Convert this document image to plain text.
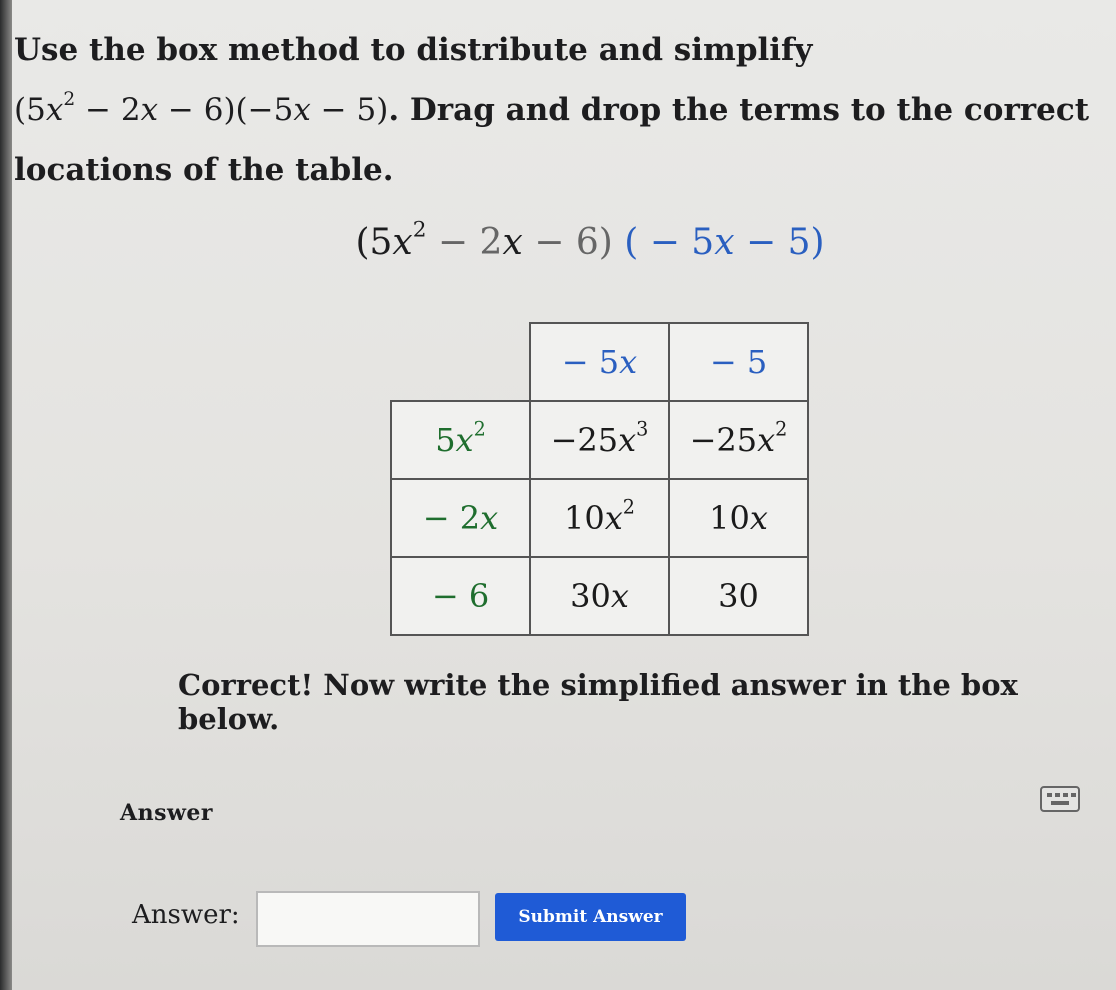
Use the box method to distribute and simplify
$(5x^2 - 2x - 6)(-5x - 5)$. Drag and drop the terms to the correct
locations of the table.

$(5x^2 - 2x - 6)$ ( − 5x − 5)
	− 5x	− 5
$5x^2$	$-25x^3$	$-25x^2$
− 2x	$10x^2$	10x
− 6	30x	30

Correct! Now write the simplified answer in the box below.

Answer

Answer:	Submit Answer
